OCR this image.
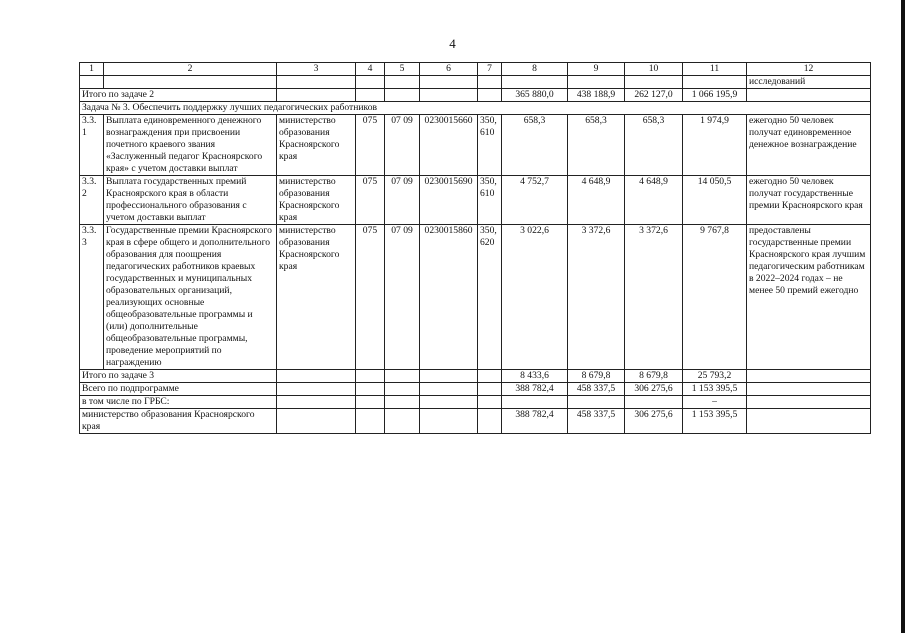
4
1	2	3	4	5	6	7	8	9	10	11	12
											исследований
Итого по задаче 2							365 880,0	438 188,9	262 127,0	1 066 195,9	
Задача № 3. Обеспечить поддержку лучших педагогических работников											
3.3.1	Выплата единовременного денежного вознаграждения при присвоении почетного краевого звания «Заслуженный педагог Красноярского края» с учетом доставки выплат	министерство образования Красноярского края	075	07 09	0230015660	350, 610	658,3	658,3	658,3	1 974,9	ежегодно 50 человек получат единовременное денежное вознаграждение
3.3.2	Выплата государственных премий Красноярского края в области профессионального образования с учетом доставки выплат	министерство образования Красноярского края	075	07 09	0230015690	350, 610	4 752,7	4 648,9	4 648,9	14 050,5	ежегодно 50 человек получат государственные премии Красноярского края
3.3.3	Государственные премии Красноярского края в сфере общего и дополнительного образования для поощрения педагогических работников краевых государственных и муниципальных образовательных организаций, реализующих основные общеобразовательные программы и (или) дополнительные общеобразовательные программы, проведение мероприятий по награждению	министерство образования Красноярского края	075	07 09	0230015860	350, 620	3 022,6	3 372,6	3 372,6	9 767,8	предоставлены государственные премии Красноярского края лучшим педагогическим работникам в 2022–2024 годах – не менее 50 премий ежегодно
Итого по задаче 3							8 433,6	8 679,8	8 679,8	25 793,2	
Всего по подпрограмме							388 782,4	458 337,5	306 275,6	1 153 395,5	
в том числе по ГРБС:										–	
министерство образования Красноярского края							388 782,4	458 337,5	306 275,6	1 153 395,5	
